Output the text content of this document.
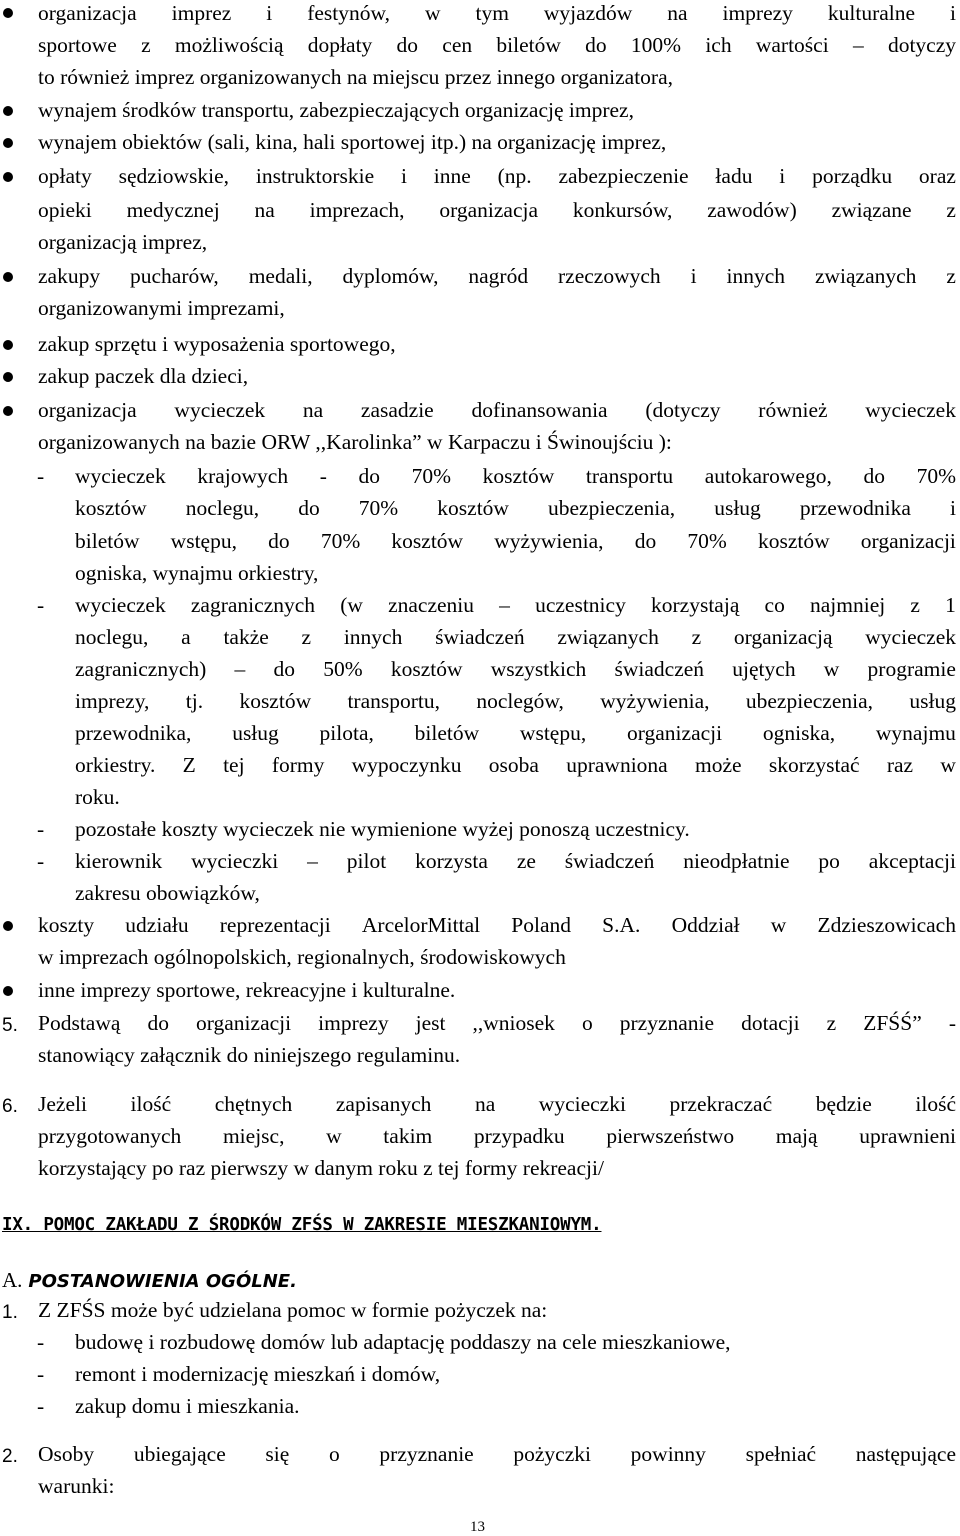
organizacja imprez i festynów, w tym wyjazdów na imprezy kulturalne i
sportowe z możliwością dopłaty do cen biletów do 100% ich wartości – dotyczy
to również imprez organizowanych na miejscu przez innego organizatora,
wynajem środków transportu, zabezpieczających organizację imprez,
wynajem obiektów (sali, kina, hali sportowej itp.) na organizację imprez,
opłaty sędziowskie, instruktorskie i inne (np. zabezpieczenie ładu i porządku oraz
opieki medycznej na imprezach, organizacja konkursów, zawodów) związane z
organizacją imprez,
zakupy pucharów, medali, dyplomów, nagród rzeczowych i innych związanych z
organizowanymi imprezami,
zakup sprzętu i wyposażenia sportowego,
zakup paczek dla dzieci,
organizacja wycieczek na zasadzie dofinansowania (dotyczy również wycieczek
organizowanych na bazie ORW ,,Karolinka” w Karpaczu i Świnoujściu ):
- wycieczek krajowych - do 70% kosztów transportu autokarowego, do 70%
kosztów noclegu, do 70% kosztów ubezpieczenia, usług przewodnika i
biletów wstępu, do 70% kosztów wyżywienia, do 70% kosztów organizacji
ogniska, wynajmu orkiestry,
- wycieczek zagranicznych (w znaczeniu – uczestnicy korzystają co najmniej z 1
noclegu, a także z innych świadczeń związanych z organizacją wycieczek
zagranicznych) – do 50% kosztów wszystkich świadczeń ujętych w programie
imprezy, tj. kosztów transportu, noclegów, wyżywienia, ubezpieczenia, usług
przewodnika, usług pilota, biletów wstępu, organizacji ogniska, wynajmu
orkiestry. Z tej formy wypoczynku osoba uprawniona może skorzystać raz w
roku.
- pozostałe koszty wycieczek nie wymienione wyżej ponoszą uczestnicy.
- kierownik wycieczki – pilot korzysta ze świadczeń nieodpłatnie po akceptacji
zakresu obowiązków,
koszty udziału reprezentacji ArcelorMittal Poland S.A. Oddział w Zdzieszowicach
w imprezach ogólnopolskich, regionalnych, środowiskowych
inne imprezy sportowe, rekreacyjne i kulturalne.
5. Podstawą do organizacji imprezy jest ,,wniosek o przyznanie dotacji z ZFŚŚ” -
stanowiący załącznik do niniejszego regulaminu.
6. Jeżeli ilość chętnych zapisanych na wycieczki przekraczać będzie ilość
przygotowanych miejsc, w takim przypadku pierwszeństwo mają uprawnieni
korzystający po raz pierwszy w danym roku z tej formy rekreacji/
IX. POMOC ZAKŁADU Z ŚRODKÓW ZFŚS W ZAKRESIE MIESZKANIOWYM.
A. POSTANOWIENIA OGÓLNE.
1. Z ZFŚS może być udzielana pomoc w formie pożyczek na:
- budowę i rozbudowę domów lub adaptację poddaszy na cele mieszkaniowe,
- remont i modernizację mieszkań i domów,
- zakup domu i mieszkania.
2. Osoby ubiegające się o przyznanie pożyczki powinny spełniać następujące
warunki:
13
